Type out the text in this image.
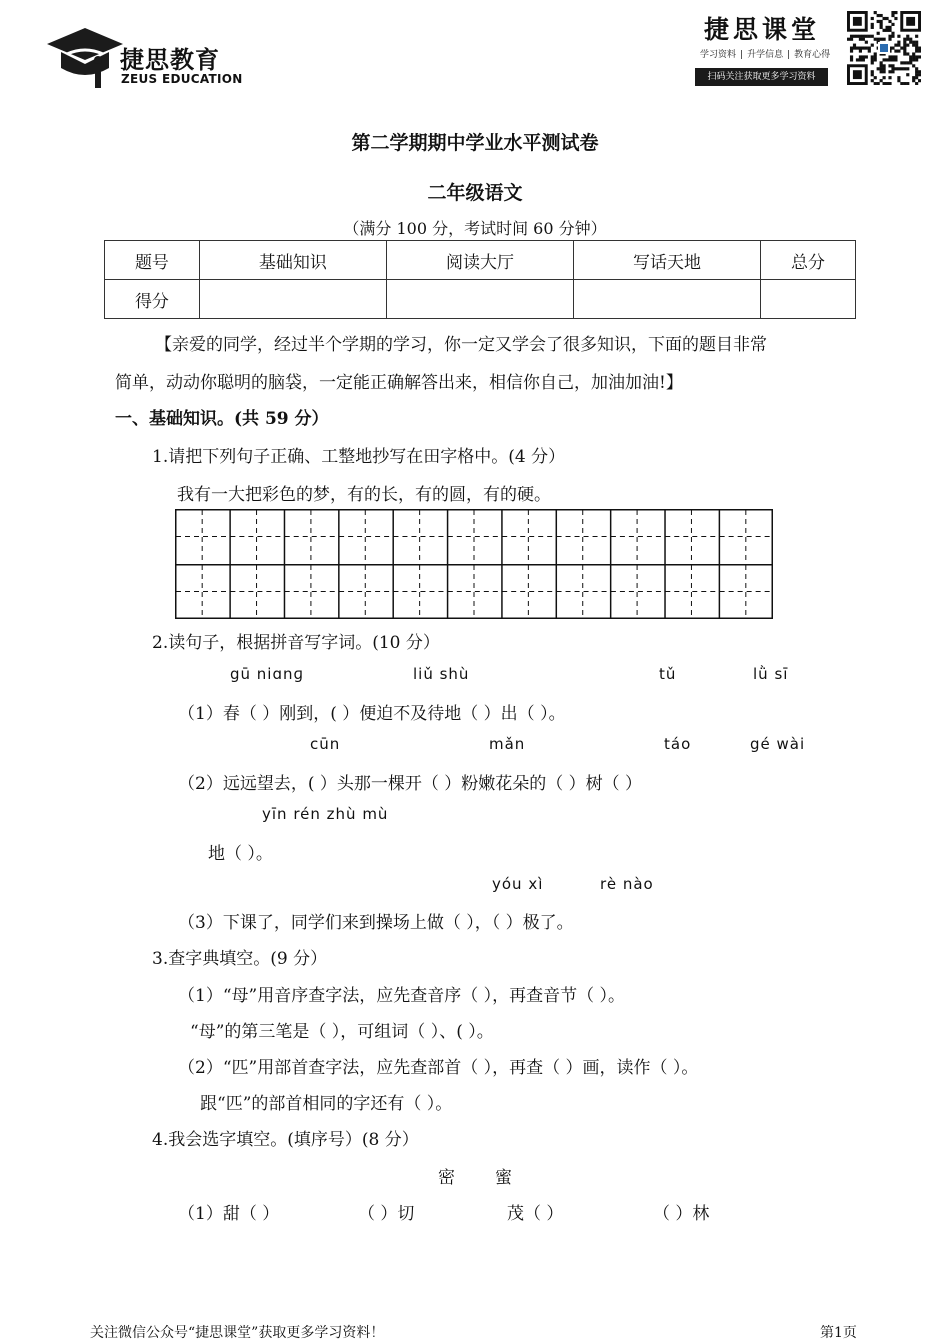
捷思教育
ZEUS EDUCATION
捷思课堂
学习资料 | 升学信息 | 教育心得
扫码关注获取更多学习资料
第二学期期中学业水平测试卷
二年级语文
（满分 100 分，考试时间 60 分钟）
题号	基础知识	阅读大厅	写话天地	总分
得分				
【亲爱的同学，经过半个学期的学习，你一定又学会了很多知识，下面的题目非常
简单，动动你聪明的脑袋，一定能正确解答出来，相信你自己，加油加油!】
一、基础知识。(共 59 分）
1.请把下列句子正确、工整地抄写在田字格中。(4 分）
我有一大把彩色的梦，有的长，有的圆，有的硬。
2.读句子，根据拼音写字词。(10 分）
gū niɑnɡ	liǔ shù	tǔ	lǜ sī
（1）春（ ）刚到，( ）便迫不及待地（ ）出（ ）。
cūn	mǎn	táo	gé wài
（2）远远望去，( ）头那一棵开（ ）粉嫩花朵的（ ）树（ ）
yīn rén zhù mù
地（ ）。
yóu xì	rè nào
（3）下课了，同学们来到操场上做（ ），（ ）极了。
3.查字典填空。(9 分）
（1）“母”用音序查字法，应先查音序（ ），再查音节（ ）。
“母”的第三笔是（ ），可组词（ ）、( ）。
（2）“匹”用部首查字法，应先查部首（ ），再查（ ）画，读作（ ）。
跟“匹”的部首相同的字还有（ ）。
4.我会选字填空。(填序号）(8 分）
密 蜜
（1）甜（ ）	（ ）切	茂（ ）	（ ）林
关注微信公众号“捷思课堂”获取更多学习资料！	第1页
